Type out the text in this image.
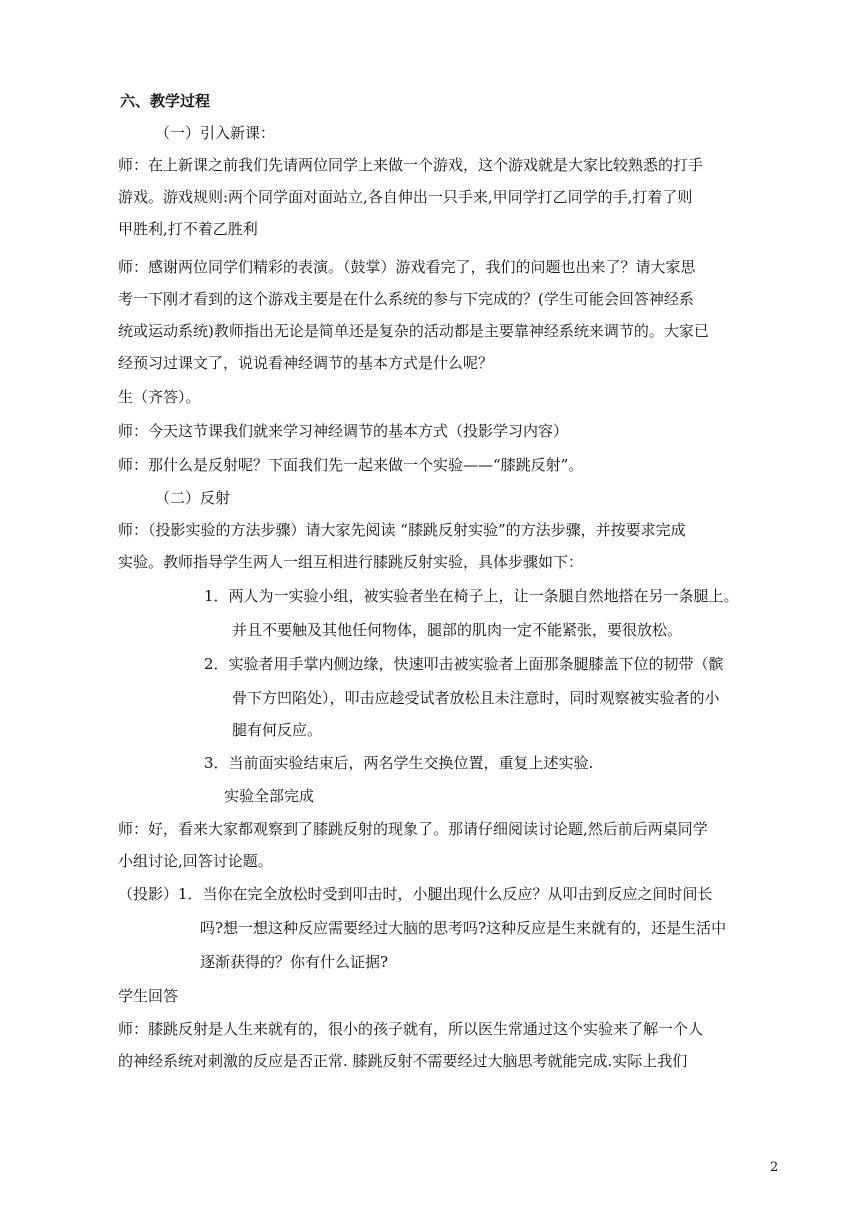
六、教学过程
（一）引入新课：
师：在上新课之前我们先请两位同学上来做一个游戏，这个游戏就是大家比较熟悉的打手
游戏。游戏规则:两个同学面对面站立,各自伸出一只手来,甲同学打乙同学的手,打着了则
甲胜利,打不着乙胜利
师：感谢两位同学们精彩的表演。（鼓掌）游戏看完了，我们的问题也出来了？请大家思
考一下刚才看到的这个游戏主要是在什么系统的参与下完成的？(学生可能会回答神经系
统或运动系统)教师指出无论是简单还是复杂的活动都是主要靠神经系统来调节的。大家已
经预习过课文了，说说看神经调节的基本方式是什么呢？
生（齐答）。
师：今天这节课我们就来学习神经调节的基本方式（投影学习内容）
师：那什么是反射呢？下面我们先一起来做一个实验——“膝跳反射”。
（二）反射
师：（投影实验的方法步骤）请大家先阅读 “膝跳反射实验”的方法步骤，并按要求完成
实验。教师指导学生两人一组互相进行膝跳反射实验，具体步骤如下：
1．两人为一实验小组，被实验者坐在椅子上，让一条腿自然地搭在另一条腿上。
并且不要触及其他任何物体，腿部的肌肉一定不能紧张，要很放松。
2．实验者用手掌内侧边缘，快速叩击被实验者上面那条腿膝盖下位的韧带（髌
骨下方凹陷处），叩击应趁受试者放松且未注意时，同时观察被实验者的小
腿有何反应。
3．当前面实验结束后，两名学生交换位置，重复上述实验.
实验全部完成
师：好，看来大家都观察到了膝跳反射的现象了。那请仔细阅读讨论题,然后前后两桌同学
小组讨论,回答讨论题。
（投影）1．当你在完全放松时受到叩击时，小腿出现什么反应？从叩击到反应之间时间长
吗?想一想这种反应需要经过大脑的思考吗?这种反应是生来就有的，还是生活中
逐渐获得的？你有什么证据?
学生回答
师：膝跳反射是人生来就有的，很小的孩子就有，所以医生常通过这个实验来了解一个人
的神经系统对刺激的反应是否正常. 膝跳反射不需要经过大脑思考就能完成.实际上我们
2
